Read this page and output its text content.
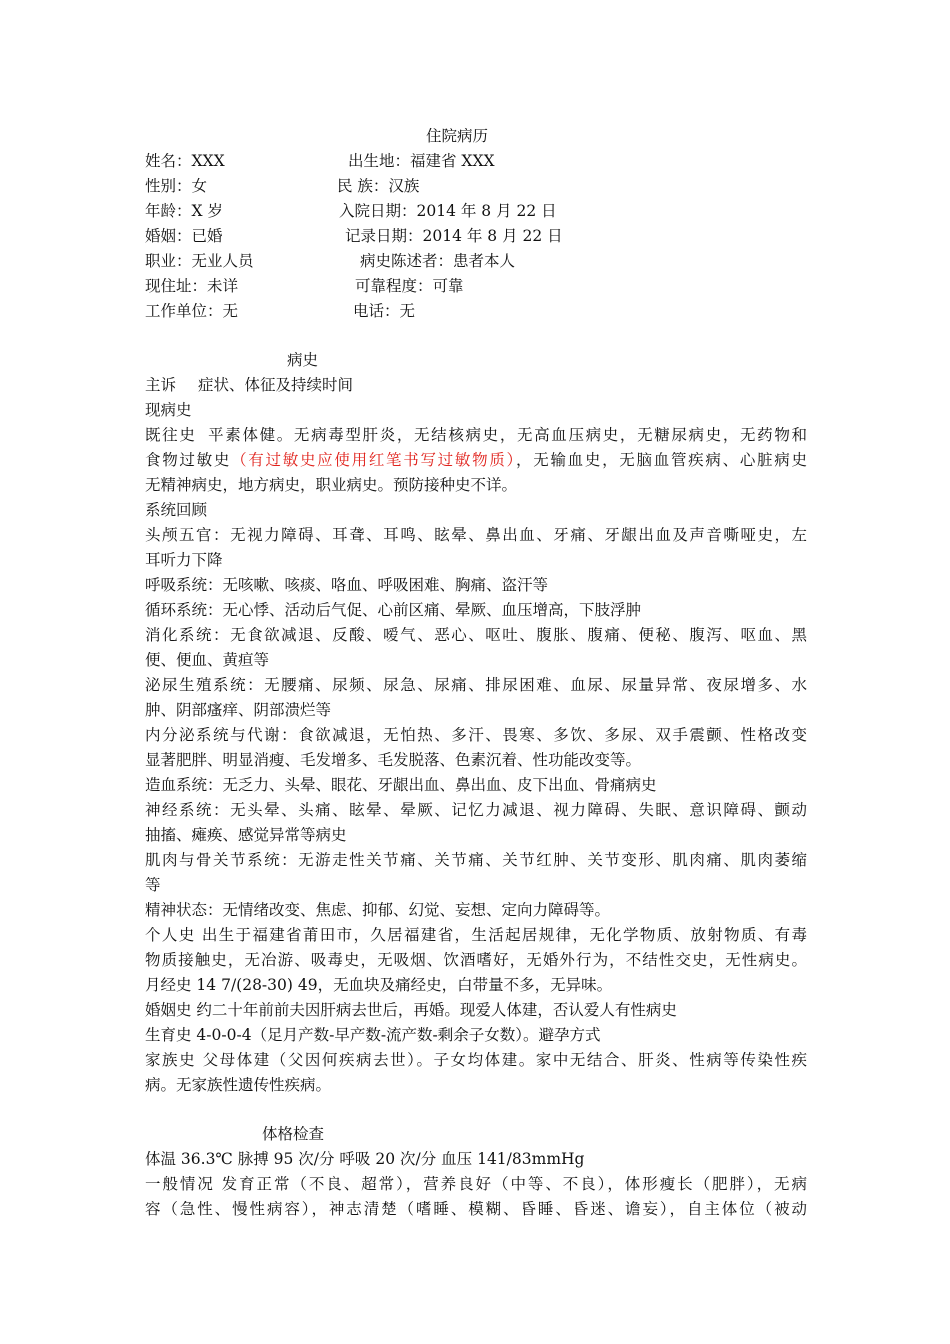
住院病历
姓名：XXX	出生地：福建省 XXX
性别：女	民 族：汉族
年龄：X 岁	入院日期：2014 年 8 月 22 日
婚姻：已婚	记录日期：2014 年 8 月 22 日
职业：无业人员	病史陈述者：患者本人
现住址：未详	可靠程度：可靠
工作单位：无	电话：无
病史
主诉 症状、体征及持续时间
现病史
既往史 平素体健。无病毒型肝炎，无结核病史，无高血压病史，无糖尿病史，无药物和
食物过敏史（有过敏史应使用红笔书写过敏物质），无输血史，无脑血管疾病、心脏病史
无精神病史，地方病史，职业病史。预防接种史不详。
系统回顾
头颅五官：无视力障碍、耳聋、耳鸣、眩晕、鼻出血、牙痛、牙龈出血及声音嘶哑史，左
耳听力下降
呼吸系统：无咳嗽、咳痰、咯血、呼吸困难、胸痛、盗汗等
循环系统：无心悸、活动后气促、心前区痛、晕厥、血压增高，下肢浮肿
消化系统：无食欲减退、反酸、嗳气、恶心、呕吐、腹胀、腹痛、便秘、腹泻、呕血、黑
便、便血、黄疸等
泌尿生殖系统：无腰痛、尿频、尿急、尿痛、排尿困难、血尿、尿量异常、夜尿增多、水
肿、阴部瘙痒、阴部溃烂等
内分泌系统与代谢：食欲减退，无怕热、多汗、畏寒、多饮、多尿、双手震颤、性格改变
显著肥胖、明显消瘦、毛发增多、毛发脱落、色素沉着、性功能改变等。
造血系统：无乏力、头晕、眼花、牙龈出血、鼻出血、皮下出血、骨痛病史
神经系统：无头晕、头痛、眩晕、晕厥、记忆力减退、视力障碍、失眠、意识障碍、颤动
抽搐、瘫痪、感觉异常等病史
肌肉与骨关节系统：无游走性关节痛、关节痛、关节红肿、关节变形、肌肉痛、肌肉萎缩
等
精神状态：无情绪改变、焦虑、抑郁、幻觉、妄想、定向力障碍等。
个人史 出生于福建省莆田市，久居福建省，生活起居规律，无化学物质、放射物质、有毒
物质接触史，无冶游、吸毒史，无吸烟、饮酒嗜好，无婚外行为，不结性交史，无性病史。
月经史 14 7/(28-30) 49，无血块及痛经史，白带量不多，无异味。
婚姻史 约二十年前前夫因肝病去世后，再婚。现爱人体建，否认爱人有性病史
生育史 4-0-0-4（足月产数-早产数-流产数-剩余子女数）。避孕方式
家族史 父母体建（父因何疾病去世）。子女均体建。家中无结合、肝炎、性病等传染性疾
病。无家族性遗传性疾病。
体格检查
体温 36.3℃ 脉搏 95 次/分 呼吸 20 次/分 血压 141/83mmHg
一般情况 发育正常（不良、超常），营养良好（中等、不良），体形瘦长（肥胖），无病
容（急性、慢性病容），神志清楚（嗜睡、模糊、昏睡、昏迷、谵妄），自主体位（被动
